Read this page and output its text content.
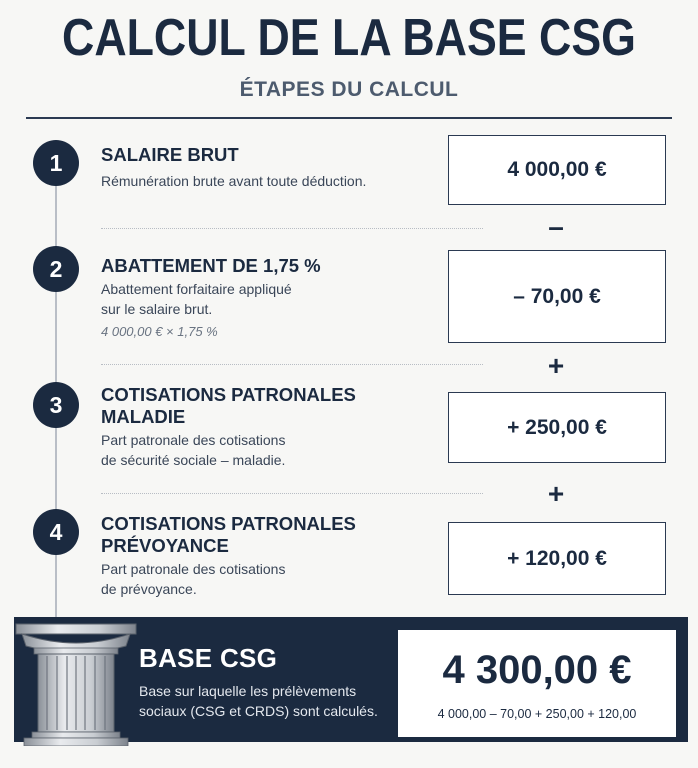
CALCUL DE LA BASE CSG
ÉTAPES DU CALCUL
1	SALAIRE BRUT
Rémunération brute avant toute déduction.	4 000,00 €
–
2	ABATTEMENT DE 1,75 %
Abattement forfaitaire appliqué
sur le salaire brut.
4 000,00 € × 1,75 %
– 70,00 €
+
3	COTISATIONS PATRONALES
MALADIE
Part patronale des cotisations
de sécurité sociale – maladie.
+ 250,00 €
+
4	COTISATIONS PATRONALES
PRÉVOYANCE
Part patronale des cotisations
de prévoyance.
+ 120,00 €
BASE CSG
Base sur laquelle les prélèvements
sociaux (CSG et CRDS) sont calculés.
4 300,00 €
4 000,00 – 70,00 + 250,00 + 120,00
